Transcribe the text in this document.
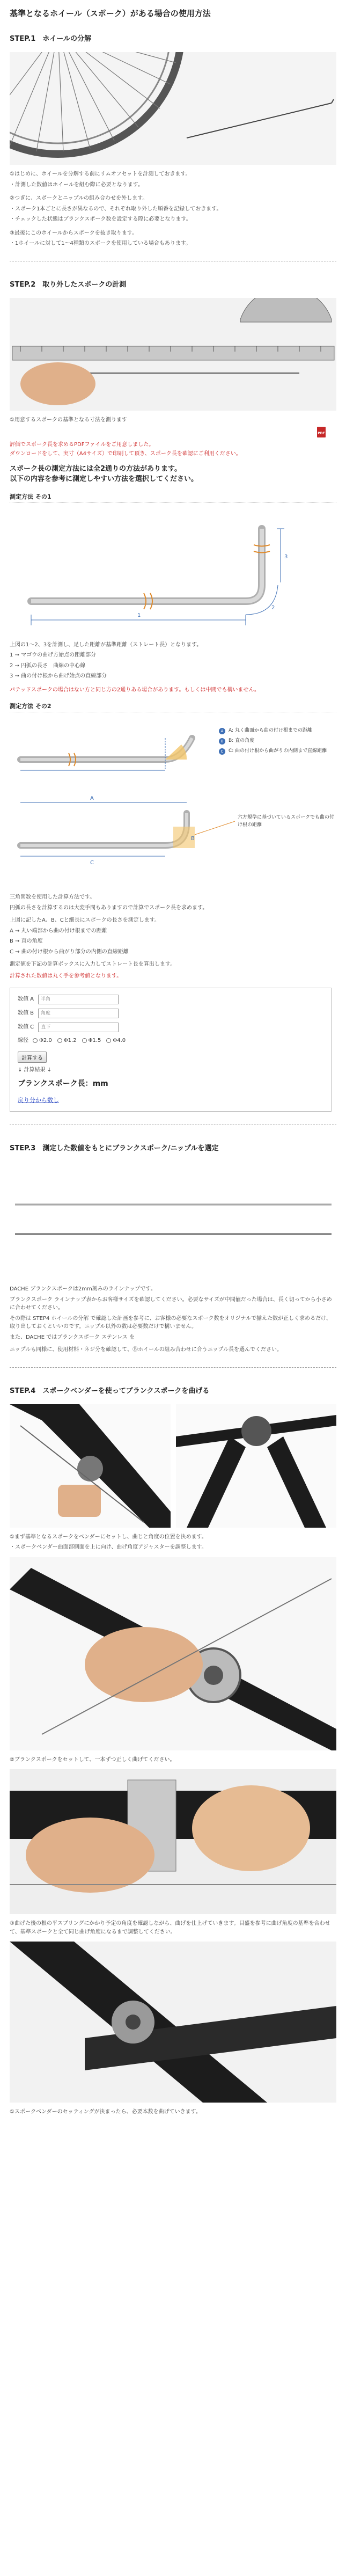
基準となるホイール（スポーク）がある場合の使用方法
STEP.1　ホイールの分解

①はじめに、ホイールを分解する前にリムオフセットを計測しておきます。

・計測した数値はホイールを組む際に必要となります。

②つぎに、スポークとニップルの組み合わせを外します。

・スポーク1本ごとに長さが異なるので、それぞれ取り外した順番を記録しておきます。

・チェックした状態はブランクスポーク数を設定する際に必要となります。

③最後にこのホイールからスポークを抜き取ります。

・1ホイールに対して1～4種類のスポークを使用している場合もあります。

STEP.2　取り外したスポークの計測

①用意するスポークの基準となる寸法を測ります

PDF

評価でスポーク長を求めるPDFファイルをご用意しました。

ダウンロードをして、実寸（A4サイズ）で印刷して頂き、スポーク長を確認にご利用ください。

スポーク長の測定方法には全2通りの方法があります。
以下の内容を参考に測定しやすい方法を選択してください。

測定方法 その1
1
2
3

上図の1～2、3を計測し、足した距離が基準距離（ストレート長）となります。

1 → マゴウの曲げ方始点の距離部分

2 → 円弧の長さ　曲線の中心線

3 → 曲の付け根から曲げ始点の直線部分

パテッドスポークの場合はない方と同じ方の2通りある場合があります。もしくは中間でも構いません。

測定方法 その2
A
C
B
A	A: 丸く曲面から曲の付け根までの距離
B	B: 直の角度
C	C: 曲の付け根から曲がりの内側まで直線距離
六方規準に基づいているスポークでも曲の付け根の距離

三角関数を使用した計算方法です。

円弧の長さを計算するのは大変手間もありますので計算でスポーク長を求めます。

上図に記したA、B、Cと細長にスポークの長さを測定します。

A → 丸い端部から曲の付け根までの距離

B → 直の角度

C → 曲の付け根から曲がり部分の内側の直線距離

測定値を下記の計算ボックスに入力してストレート長を算出します。

計算された数値は丸く手を参考値となります。

数値 A
半角
数値 B
角度
数値 C
直下
線径	Φ2.0	Φ1.2	Φ1.5	Φ4.0
計算する

↓ 計算結果 ↓

ブランクスポーク長：mm

戻り分から数し
STEP.3　測定した数値をもとにブランクスポーク/ニップルを選定

DACHE ブランクスポークは2mm刻みのラインナップです。

ブランクスポーク ラインナップ表からお客様サイズを確認してください。必要なサイズが中間値だった場合は、長く切ってから小さめに合わせてください。

その際は STEP4 ホイールの分解 で確認した計画を参考に、お客様の必要なスポーク数をオリジナルで揃えた数が正しく求めるだけ、取り出しておくといいのです。ニップル以外の数は必要数だけで構いません。

また、DACHE ではブランクスポーク ステンレス を

ニップルも同様に、使用材料・ネジ分を確認して、Ⓑホイールの組み合わせに合うニップル長を選んでください。

STEP.4　スポークベンダーを使ってブランクスポークを曲げる

①まず基準となるスポークをベンダーにセットし、曲じと角度の位置を決めます。

・スポークベンダー曲面部側面を上に向け、曲げ角度アジャスターを調整します。

②ブランクスポークをセットして、一本ずつ正しく曲げてください。

③曲げた後の根の平スプリングにかかり予定の角度を確認しながら、曲げを仕上げていきます。目盛を参考に曲げ角度の基準を合わせて、基準スポークと全て同じ曲げ角度になるまで調整してください。

①スポークベンダーのセッティングが決まったら、必要本数を曲げていきます。
